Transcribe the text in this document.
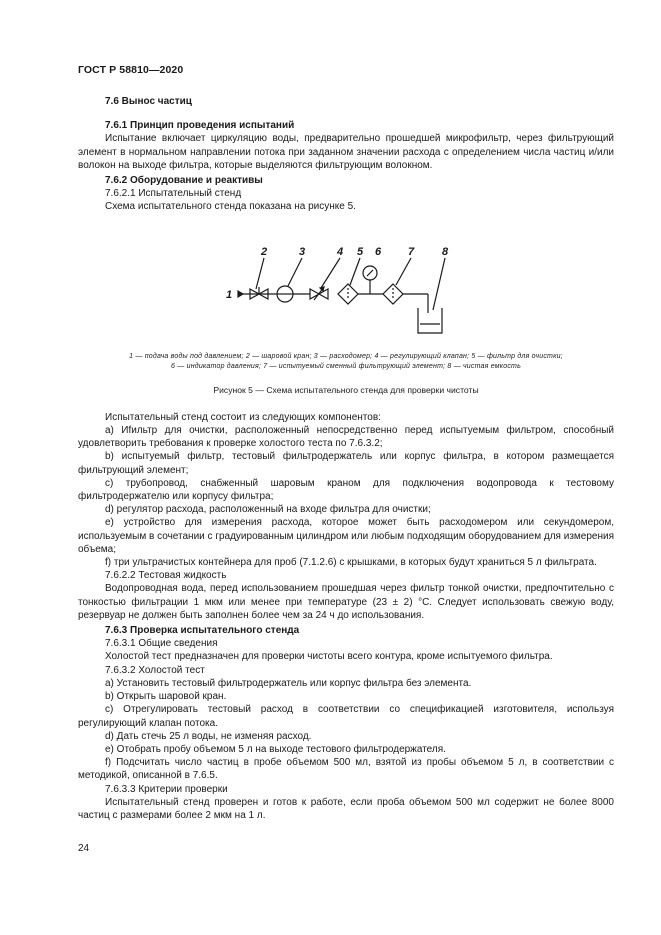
ГОСТ Р 58810—2020

7.6 Вынос частиц

7.6.1 Принцип проведения испытаний

Испытание включает циркуляцию воды, предварительно прошедшей микрофильтр, через фильтрующий элемент в нормальном направлении потока при заданном значении расхода с определением числа частиц и/или волокон на выходе фильтра, которые выделяются фильтрующим волокном.

7.6.2 Оборудование и реактивы

7.6.2.1 Испытательный стенд

Схема испытательного стенда показана на рисунке 5.

1
2	3	4 5 6 7	8
1 — подача воды под давлением; 2 — шаровой кран; 3 — расходомер; 4 — регулирующий клапан; 5 — фильтр для очистки;
6 — индикатор давления; 7 — испытуемый сменный фильтрующий элемент; 8 — чистая емкость
Рисунок 5 — Схема испытательного стенда для проверки чистоты

Испытательный стенд состоит из следующих компонентов:

а) Иfильтр для очистки, расположенный непосредственно перед испытуемым фильтром, способный удовлетворить требования к проверке холостого теста по 7.6.3.2;

b) испытуемый фильтр, тестовый фильтродержатель или корпус фильтра, в котором размещается фильтрующий элемент;

c) трубопровод, снабженный шаровым краном для подключения водопровода к тестовому фильтродержателю или корпусу фильтра;

d) регулятор расхода, расположенный на входе фильтра для очистки;

e) устройство для измерения расхода, которое может быть расходомером или секундомером, используемым в сочетании с градуированным цилиндром или любым подходящим оборудованием для измерения объема;

f) три ультрачистых контейнера для проб (7.1.2.6) с крышками, в которых будут храниться 5 л фильтрата.

7.6.2.2 Тестовая жидкость

Водопроводная вода, перед использованием прошедшая через фильтр тонкой очистки, предпочтительно с тонкостью фильтрации 1 мкм или менее при температуре (23 ± 2) °С. Следует использовать свежую воду, резервуар не должен быть заполнен более чем за 24 ч до использования.

7.6.3 Проверка испытательного стенда

7.6.3.1 Общие сведения

Холостой тест предназначен для проверки чистоты всего контура, кроме испытуемого фильтра.

7.6.3.2 Холостой тест

а) Установить тестовый фильтродержатель или корпус фильтра без элемента.

b) Открыть шаровой кран.

c) Отрегулировать тестовый расход в соответствии со спецификацией изготовителя, используя регулирующий клапан потока.

d) Дать стечь 25 л воды, не изменяя расход.

e) Отобрать пробу объемом 5 л на выходе тестового фильтродержателя.

f) Подсчитать число частиц в пробе объемом 500 мл, взятой из пробы объемом 5 л, в соответствии с методикой, описанной в 7.6.5.

7.6.3.3 Критерии проверки

Испытательный стенд проверен и готов к работе, если проба объемом 500 мл содержит не более 8000 частиц с размерами более 2 мкм на 1 л.

24
